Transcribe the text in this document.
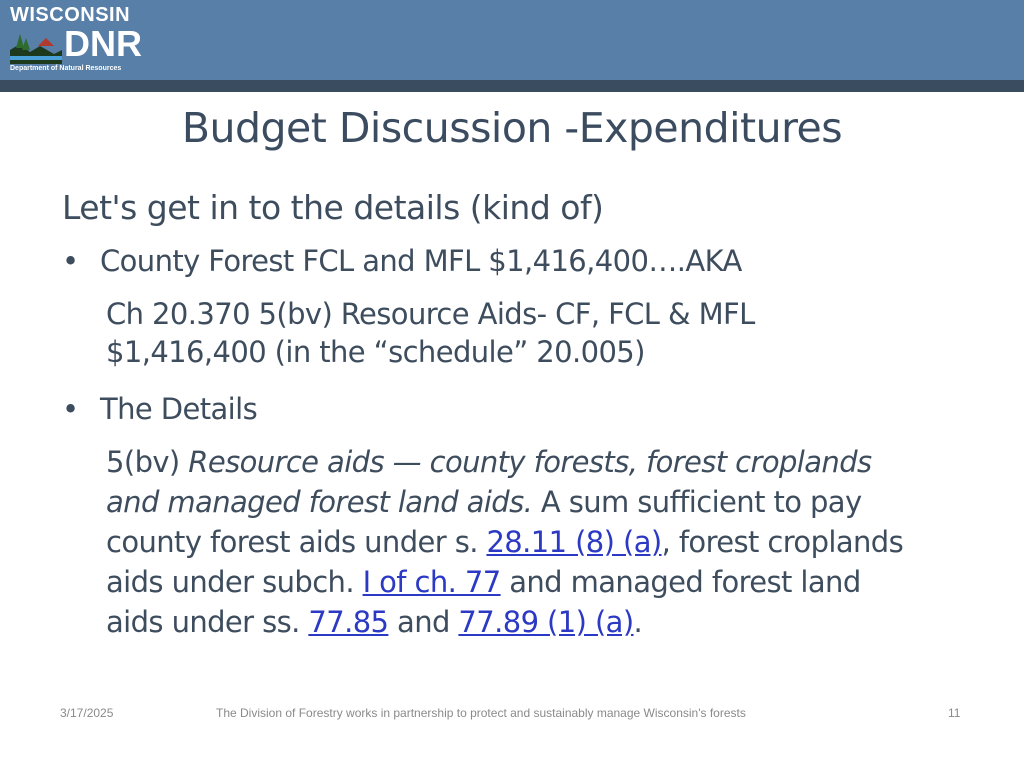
WISCONSIN
DNR
Department of Natural Resources
Budget Discussion -Expenditures
Let's get in to the details (kind of)
• County Forest FCL and MFL $1,416,400….AKA
Ch 20.370 5(bv) Resource Aids- CF, FCL & MFL
$1,416,400 (in the “schedule” 20.005)
• The Details
5(bv) Resource aids — county forests, forest croplands
and managed forest land aids. A sum sufficient to pay
county forest aids under s. 28.11 (8) (a), forest croplands
aids under subch. I of ch. 77 and managed forest land
aids under ss. 77.85 and 77.89 (1) (a).
3/17/2025	The Division of Forestry works in partnership to protect and sustainably manage Wisconsin's forests	11
